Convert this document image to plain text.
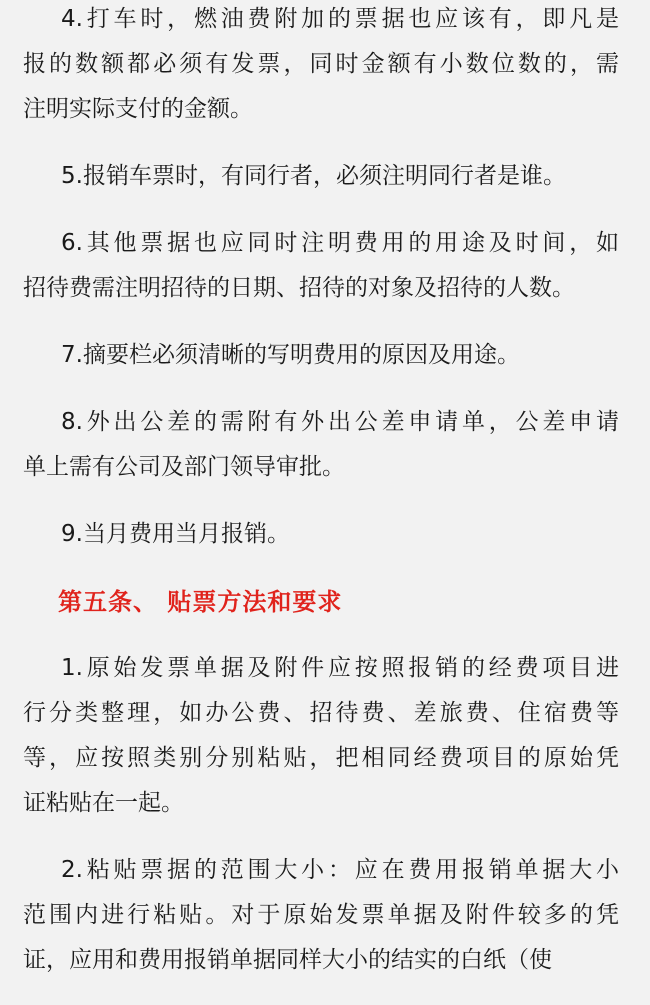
4.打车时，燃油费附加的票据也应该有，即凡是
报的数额都必须有发票，同时金额有小数位数的，需
注明实际支付的金额。
5.报销车票时，有同行者，必须注明同行者是谁。
6.其他票据也应同时注明费用的用途及时间，如
招待费需注明招待的日期、招待的对象及招待的人数。
7.摘要栏必须清晰的写明费用的原因及用途。
8.外出公差的需附有外出公差申请单，公差申请
单上需有公司及部门领导审批。
9.当月费用当月报销。
第五条、 贴票方法和要求
1.原始发票单据及附件应按照报销的经费项目进
行分类整理，如办公费、招待费、差旅费、住宿费等
等，应按照类别分别粘贴，把相同经费项目的原始凭
证粘贴在一起。
2.粘贴票据的范围大小：应在费用报销单据大小
范围内进行粘贴。对于原始发票单据及附件较多的凭
证，应用和费用报销单据同样大小的结实的白纸（使
